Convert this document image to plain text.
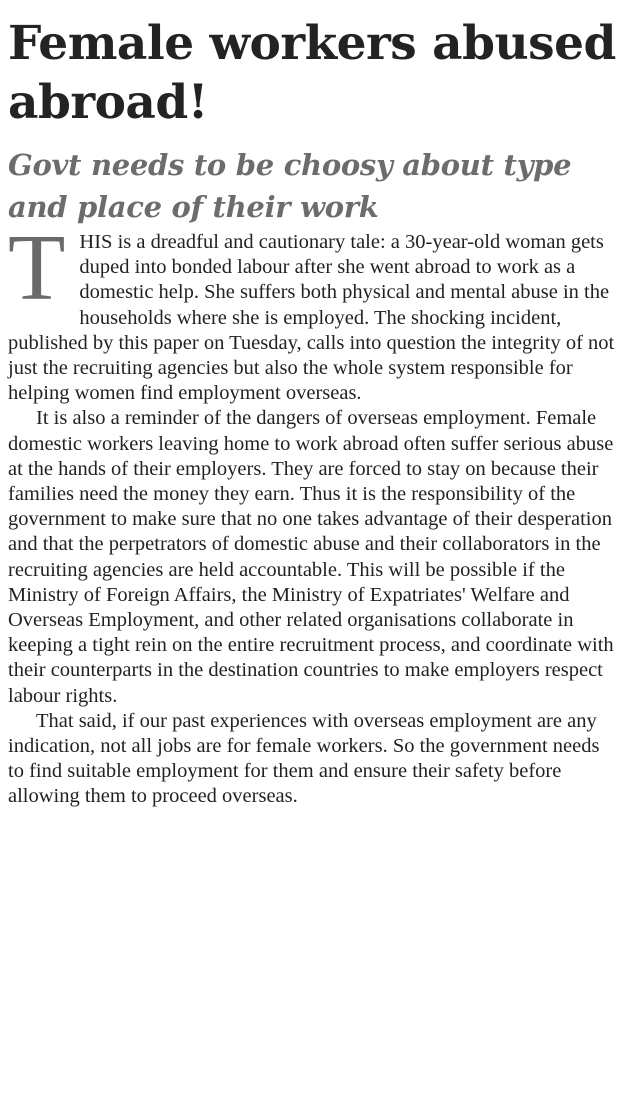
Female workers abused abroad!
Govt needs to be choosy about type and place of their work

THIS is a dreadful and cautionary tale: a 30-year-old woman gets duped into bonded labour after she went abroad to work as a domestic help. She suffers both physical and mental abuse in the households where she is employed. The shocking incident, published by this paper on Tuesday, calls into question the integrity of not just the recruiting agencies but also the whole system responsible for helping women find employment overseas.

It is also a reminder of the dangers of overseas employment. Female domestic workers leaving home to work abroad often suffer serious abuse at the hands of their employers. They are forced to stay on because their families need the money they earn. Thus it is the responsibility of the government to make sure that no one takes advantage of their desperation and that the perpetrators of domestic abuse and their collaborators in the recruiting agencies are held accountable. This will be possible if the Ministry of Foreign Affairs, the Ministry of Expatriates' Welfare and Overseas Employment, and other related organisations collaborate in keeping a tight rein on the entire recruitment process, and coordinate with their counterparts in the destination countries to make employers respect labour rights.

That said, if our past experiences with overseas employment are any indication, not all jobs are for female workers. So the government needs to find suitable employment for them and ensure their safety before allowing them to proceed overseas.
